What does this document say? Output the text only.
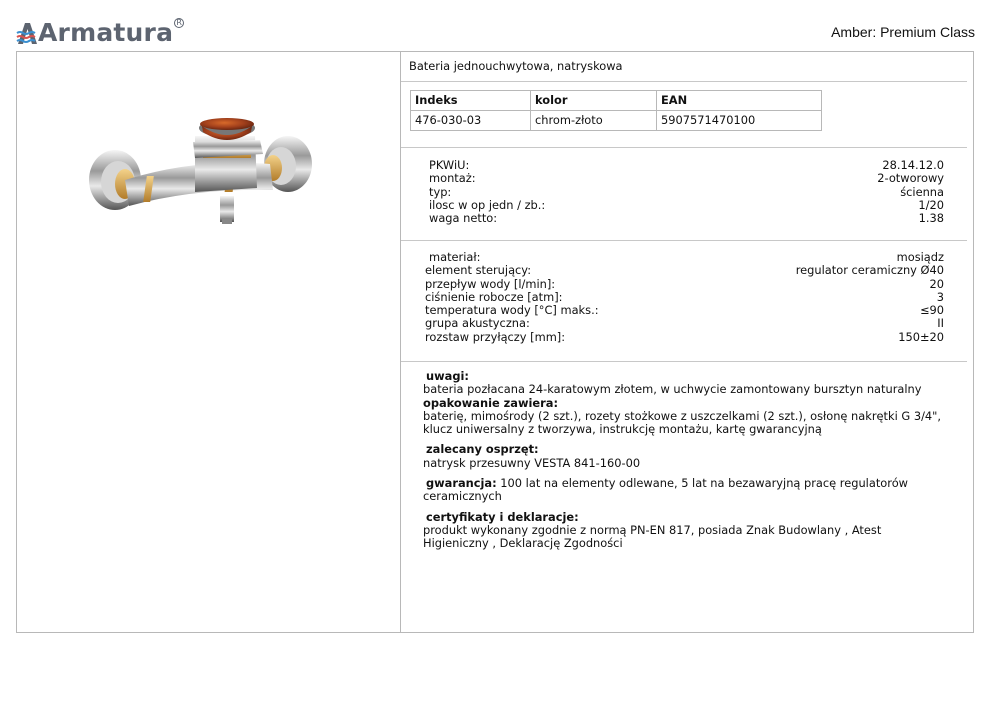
Armatura R
Amber: Premium Class
Bateria jednouchwytowa, natryskowa
Indeks	kolor	EAN
476-030-03	chrom-złoto	5907571470100
PKWiU:	28.14.12.0
montaż:	2-otworowy
typ:	ścienna
ilosc w op jedn / zb.:	1/20
waga netto:	1.38
materiał:	mosiądz
element sterujący:	regulator ceramiczny Ø40
przepływ wody [l/min]:	20
ciśnienie robocze [atm]:	3
temperatura wody [°C] maks.:	≤90
grupa akustyczna:	II
rozstaw przyłączy [mm]:	150±20
uwagi:
bateria pozłacana 24-karatowym złotem, w uchwycie zamontowany bursztyn naturalny
opakowanie zawiera:
baterię, mimośrody (2 szt.), rozety stożkowe z uszczelkami (2 szt.), osłonę nakrętki G 3/4", klucz uniwersalny z tworzywa, instrukcję montażu, kartę gwarancyjną
zalecany osprzęt:
natrysk przesuwny VESTA 841-160-00
gwarancja: 100 lat na elementy odlewane, 5 lat na bezawaryjną pracę regulatorów ceramicznych
certyfikaty i deklaracje:
produkt wykonany zgodnie z normą PN-EN 817, posiada Znak Budowlany , Atest Higieniczny , Deklarację Zgodności
